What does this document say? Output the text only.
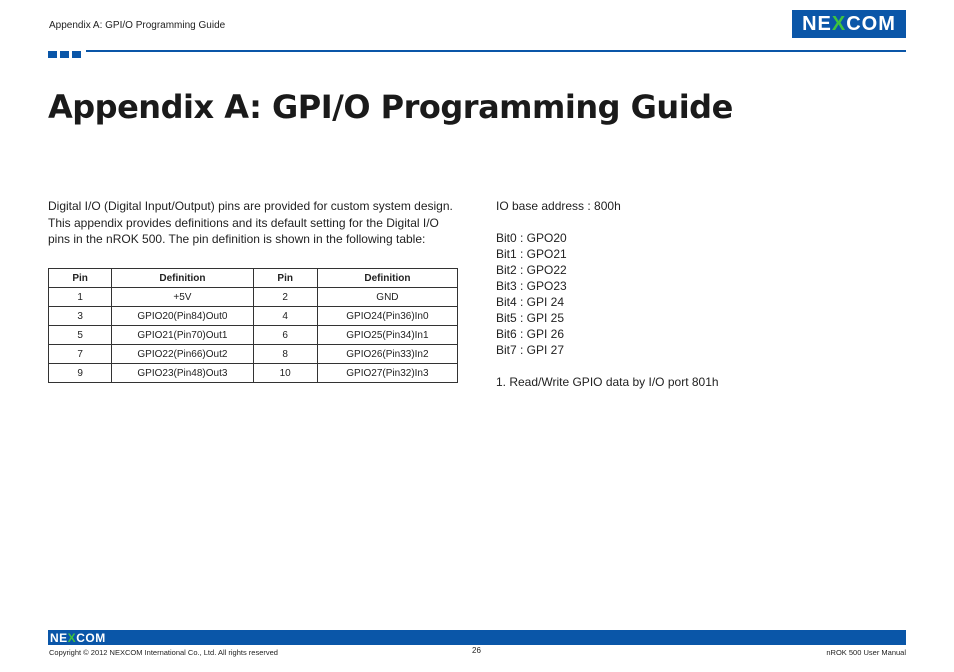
Appendix A: GPI/O Programming Guide	NE X COM
Appendix A: GPI/O Programming Guide

Digital I/O (Digital Input/Output) pins are provided for custom system design. This appendix provides definitions and its default setting for the Digital I/O pins in the nROK 500. The pin definition is shown in the following table:

Pin	Definition	Pin	Definition
1	+5V	2	GND
3	GPIO20(Pin84)Out0	4	GPIO24(Pin36)In0
5	GPIO21(Pin70)Out1	6	GPIO25(Pin34)In1
7	GPIO22(Pin66)Out2	8	GPIO26(Pin33)In2
9	GPIO23(Pin48)Out3	10	GPIO27(Pin32)In3
IO base address : 800h
Bit0 : GPO20
Bit1 : GPO21
Bit2 : GPO22
Bit3 : GPO23
Bit4 : GPI 24
Bit5 : GPI 25
Bit6 : GPI 26
Bit7 : GPI 27
1. Read/Write GPIO data by I/O port 801h
NEXCOM
Copyright © 2012 NEXCOM International Co., Ltd. All rights reserved	26	nROK 500 User Manual
